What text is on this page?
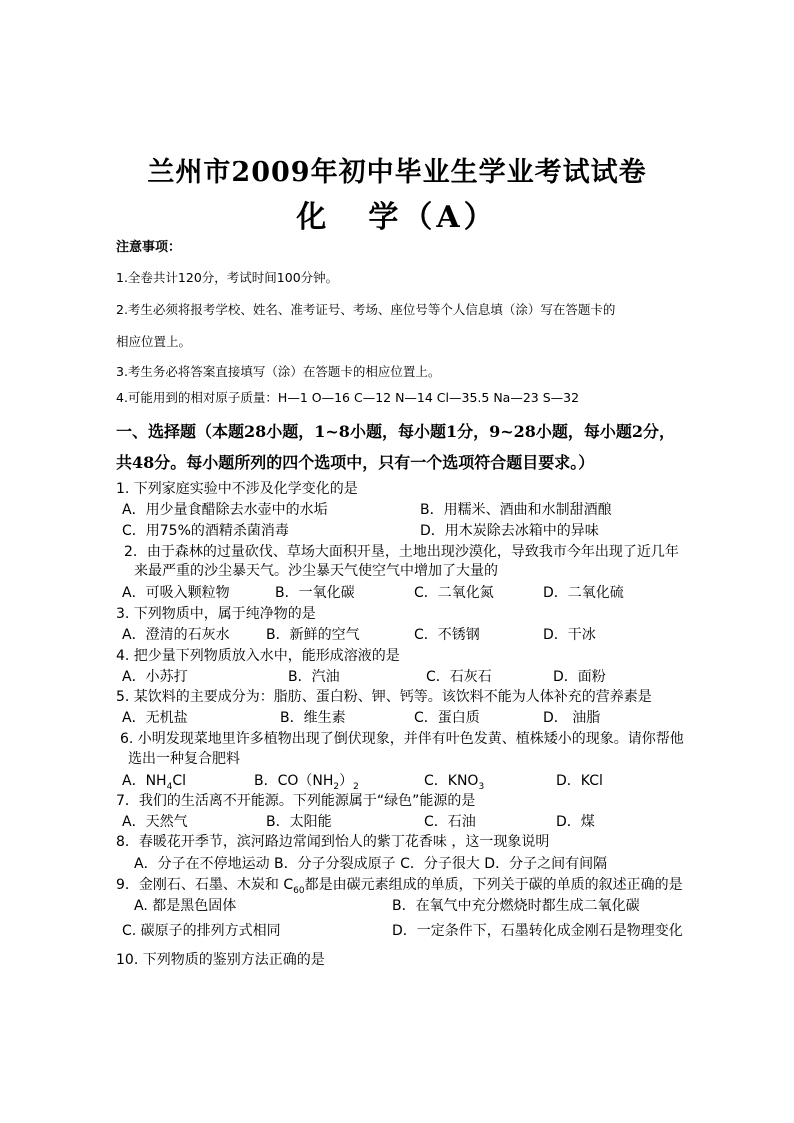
兰州市2009年初中毕业生学业考试试卷
化 学（A）
注意事项：
1.全卷共计120分，考试时间100分钟。
2.考生必须将报考学校、姓名、准考证号、考场、座位号等个人信息填（涂）写在答题卡的
相应位置上。
3.考生务必将答案直接填写（涂）在答题卡的相应位置上。
4.可能用到的相对原子质量：H—1 O—16 C—12 N—14 Cl—35.5 Na—23 S—32
一、选择题（本题28小题，1~8小题，每小题1分，9~28小题，每小题2分，
共48分。每小题所列的四个选项中，只有一个选项符合题目要求。）
1. 下列家庭实验中不涉及化学变化的是
A．用少量食醋除去水壶中的水垢	B．用糯米、酒曲和水制甜酒酿
C．用75%的酒精杀菌消毒	D．用木炭除去冰箱中的异味
2．由于森林的过量砍伐、草场大面积开垦，土地出现沙漠化，导致我市今年出现了近几年
来最严重的沙尘暴天气。沙尘暴天气使空气中增加了大量的
A．可吸入颗粒物	B．一氧化碳	C．二氧化氮	D．二氧化硫
3. 下列物质中，属于纯净物的是
A．澄清的石灰水	B．新鲜的空气	C．不锈钢	D．干冰
4. 把少量下列物质放入水中，能形成溶液的是
A．小苏打	B．汽油	C．石灰石	D．面粉
5. 某饮料的主要成分为：脂肪、蛋白粉、钾、钙等。该饮料不能为人体补充的营养素是
A．无机盐	B．维生素	C．蛋白质	D． 油脂
6. 小明发现菜地里许多植物出现了倒伏现象，并伴有叶色发黄、植株矮小的现象。请你帮他
选出一种复合肥料
A．$NH_4Cl$	B．$CO(NH_2)_2$	C．$KNO_3$	D．KCl
7．我们的生活离不开能源。下列能源属于“绿色”能源的是
A．天然气	B．太阳能	C．石油	D．煤
8．春暖花开季节，滨河路边常闻到怡人的紫丁花香味 ，这一现象说明
A．分子在不停地运动 B．分子分裂成原子 C．分子很大 D．分子之间有间隔
9．金刚石、石墨、木炭和 $C_{60}$都是由碳元素组成的单质，下列关于碳的单质的叙述正确的是
A. 都是黑色固体	B．在氧气中充分燃烧时都生成二氧化碳
C. 碳原子的排列方式相同	D．一定条件下，石墨转化成金刚石是物理变化
10. 下列物质的鉴别方法正确的是
